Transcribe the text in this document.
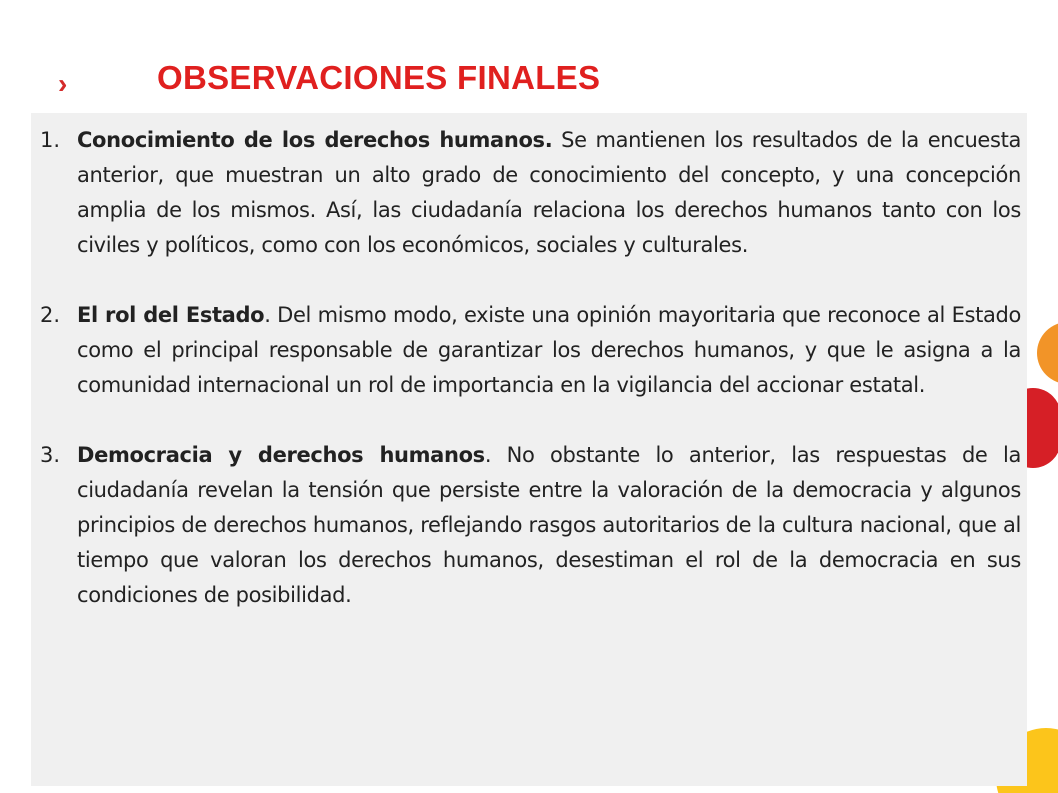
›	OBSERVACIONES FINALES
1. Conocimiento de los derechos humanos. Se mantienen los resultados de la encuesta anterior, que muestran un alto grado de conocimiento del concepto, y una concepción amplia de los mismos. Así, las ciudadanía relaciona los derechos humanos tanto con los civiles y políticos, como con los económicos, sociales y culturales.
2. El rol del Estado. Del mismo modo, existe una opinión mayoritaria que reconoce al Estado como el principal responsable de garantizar los derechos humanos, y que le asigna a la comunidad internacional un rol de importancia en la vigilancia del accionar estatal.
3. Democracia y derechos humanos. No obstante lo anterior, las respuestas de la ciudadanía revelan la tensión que persiste entre la valoración de la democracia y algunos principios de derechos humanos, reflejando rasgos autoritarios de la cultura nacional, que al tiempo que valoran los derechos humanos, desestiman el rol de la democracia en sus condiciones de posibilidad.
